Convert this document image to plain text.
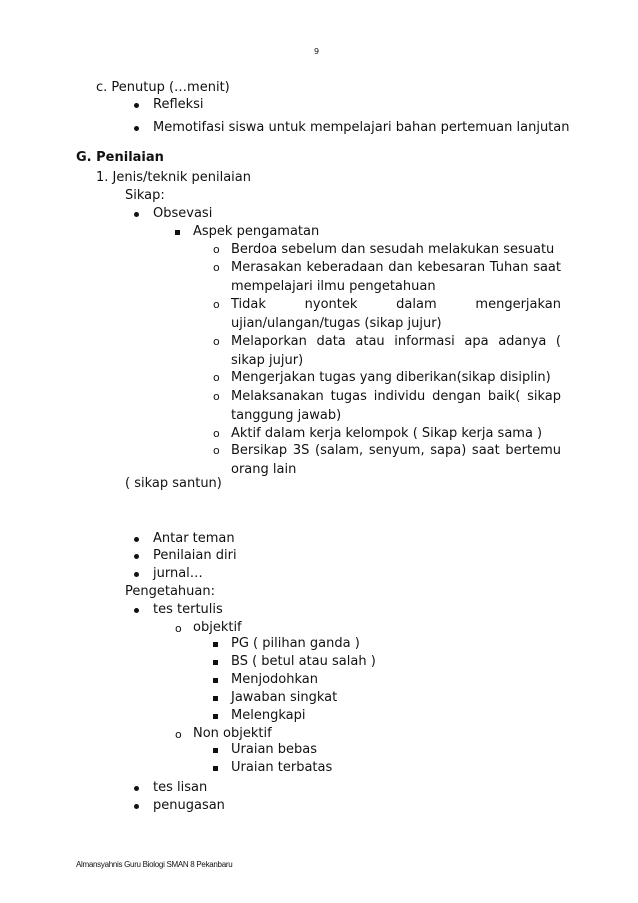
9
c. Penutup (…menit)
Refleksi
Memotifasi siswa untuk mempelajari bahan pertemuan lanjutan
G. Penilaian
1. Jenis/teknik penilaian
Sikap:
Obsevasi
Aspek pengamatan
o Berdoa sebelum dan sesudah melakukan sesuatu
o Merasakan keberadaan dan kebesaran Tuhan saat mempelajari ilmu pengetahuan
o Tidak nyontek dalam mengerjakan ujian/ulangan/tugas (sikap jujur)
o Melaporkan data atau informasi apa adanya ( sikap jujur)
o Mengerjakan tugas yang diberikan(sikap disiplin)
o Melaksanakan tugas individu dengan baik( sikap tanggung jawab)
o Aktif dalam kerja kelompok ( Sikap kerja sama )
o Bersikap 3S (salam, senyum, sapa) saat bertemu orang lain
( sikap santun)
Antar teman
Penilaian diri
jurnal…
Pengetahuan:
tes tertulis
o objektif
PG ( pilihan ganda )
BS ( betul atau salah )
Menjodohkan
Jawaban singkat
Melengkapi
o Non objektif
Uraian bebas
Uraian terbatas
tes lisan
penugasan
Almansyahnis Guru Biologi SMAN 8 Pekanbaru
